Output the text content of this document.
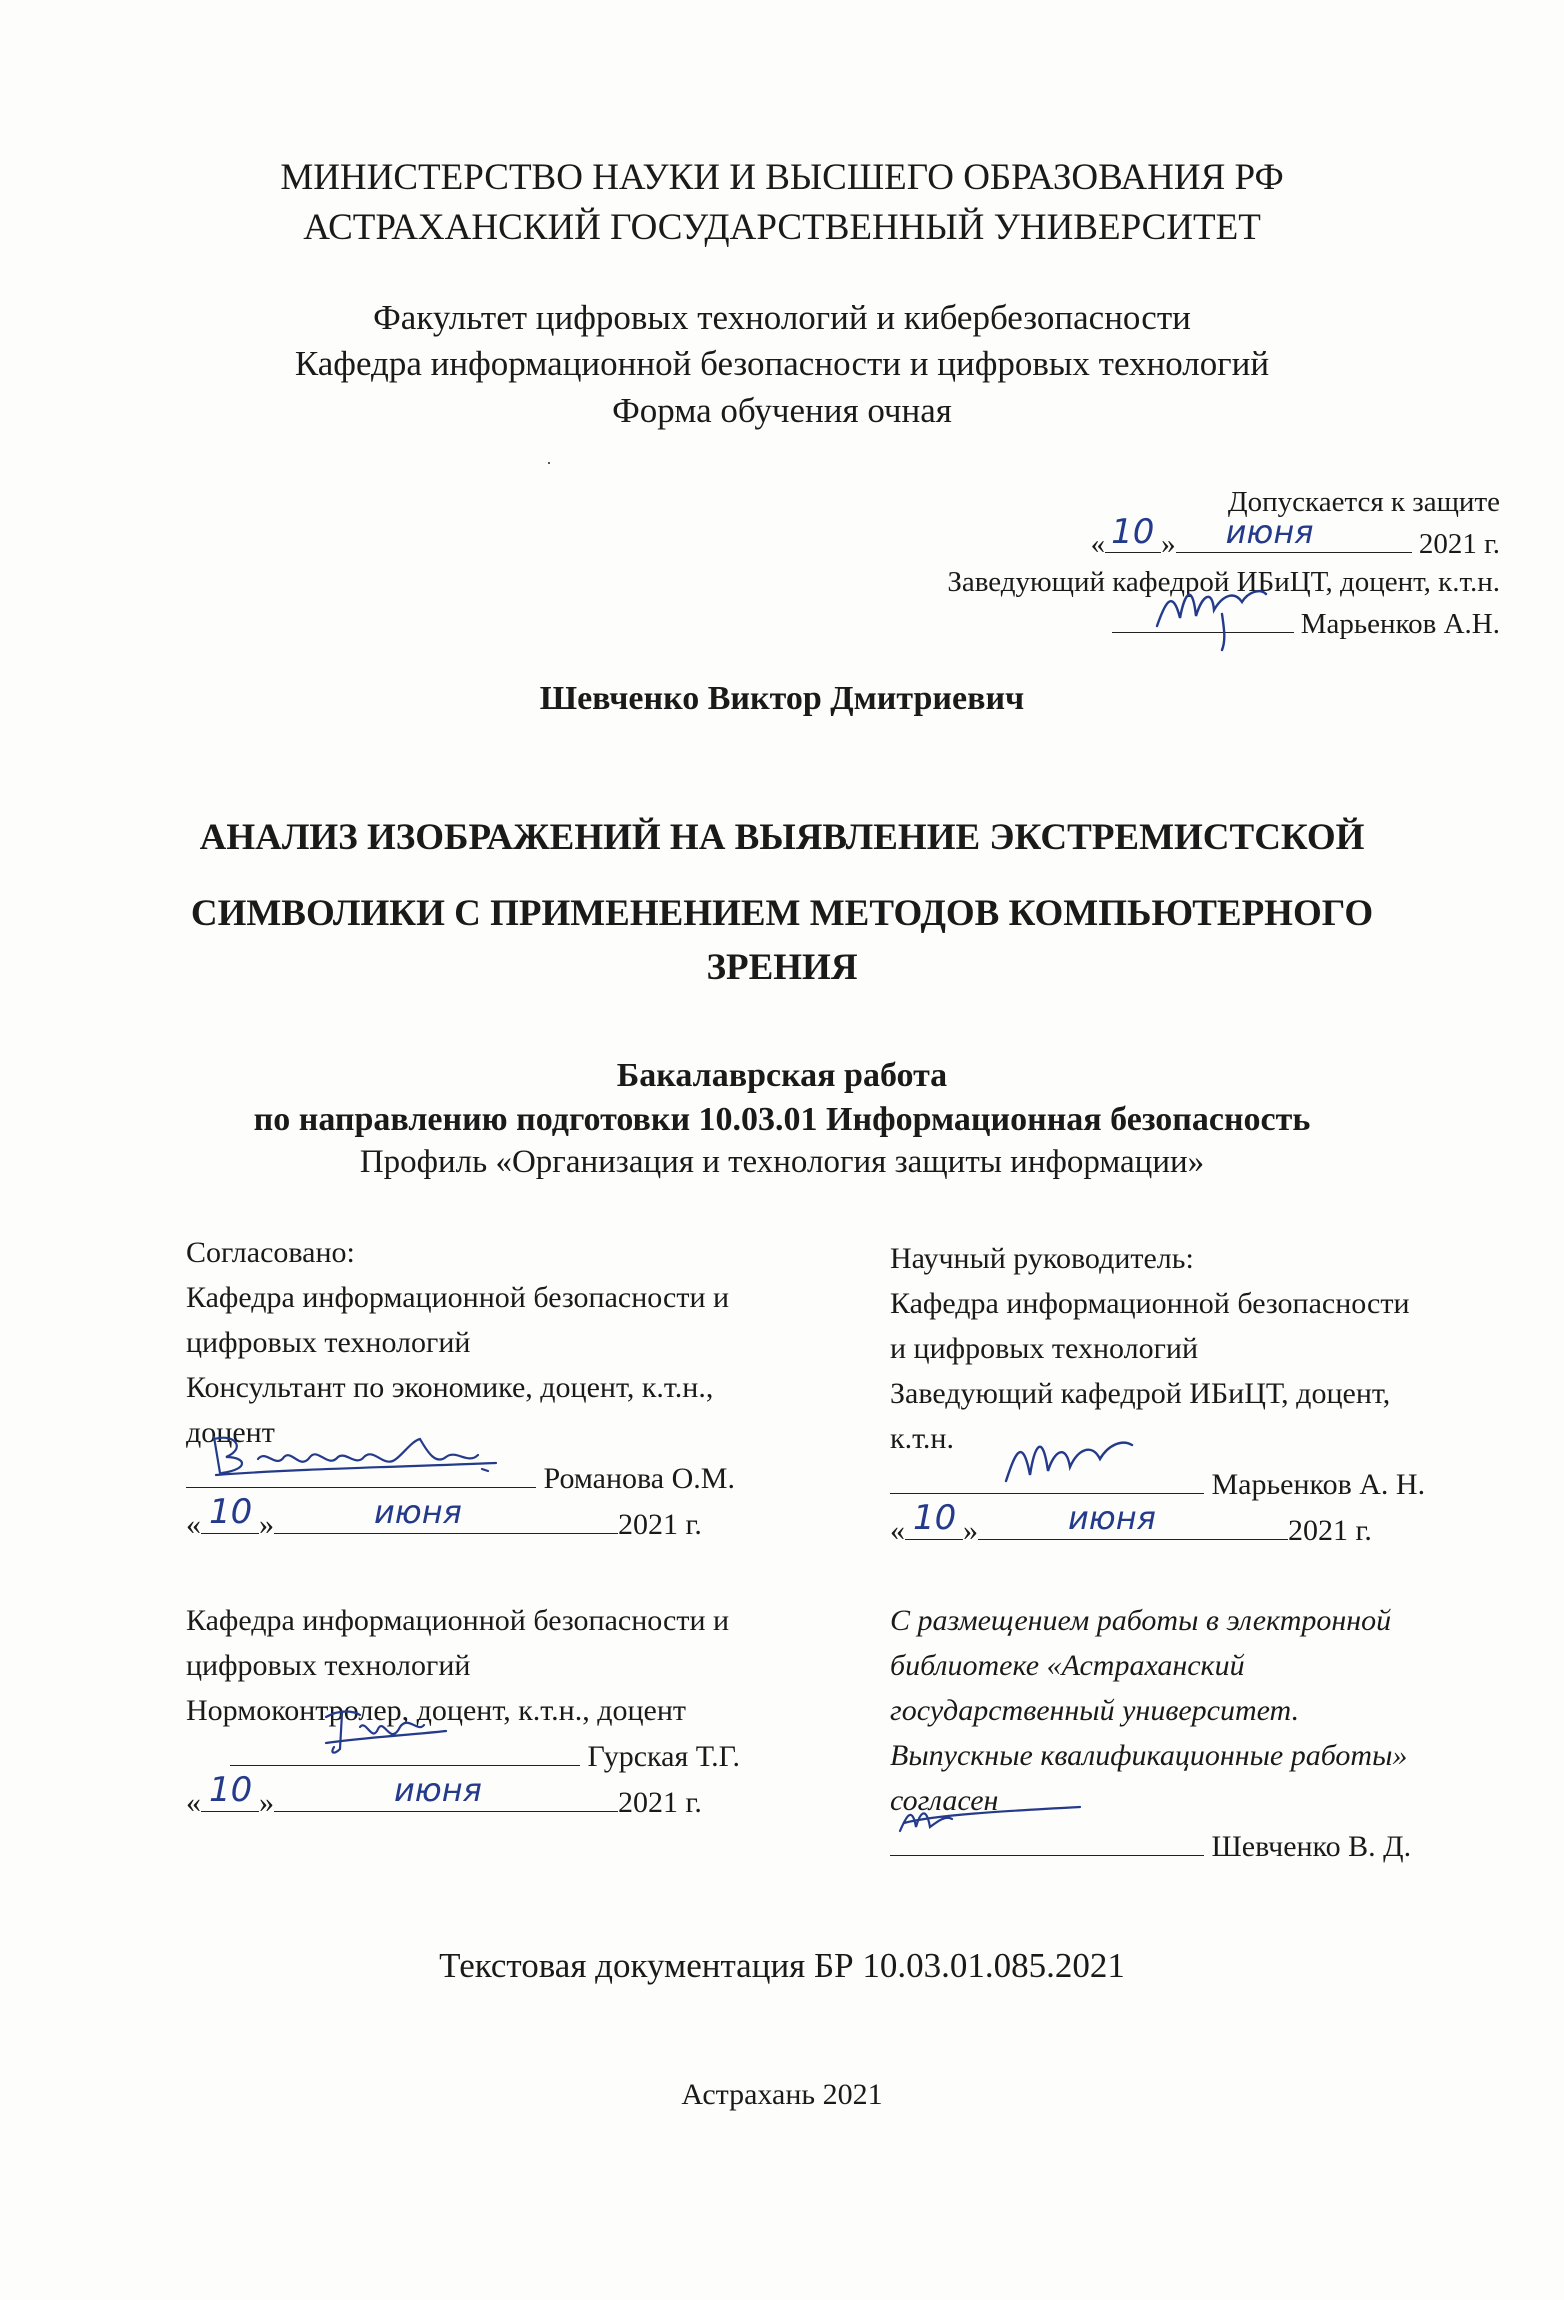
МИНИСТЕРСТВО НАУКИ И ВЫСШЕГО ОБРАЗОВАНИЯ РФ
АСТРАХАНСКИЙ ГОСУДАРСТВЕННЫЙ УНИВЕРСИТЕТ
Факультет цифровых технологий и кибербезопасности
Кафедра информационной безопасности и цифровых технологий
Форма обучения очная
Допускается к защите
« 10 » июня	2021 г.
Заведующий кафедрой ИБиЦТ, доцент, к.т.н.
Марьенков А.Н.
Шевченко Виктор Дмитриевич
АНАЛИЗ ИЗОБРАЖЕНИЙ НА ВЫЯВЛЕНИЕ ЭКСТРЕМИСТСКОЙ
СИМВОЛИКИ С ПРИМЕНЕНИЕМ МЕТОДОВ КОМПЬЮТЕРНОГО
ЗРЕНИЯ
Бакалаврская работа
по направлению подготовки 10.03.01 Информационная безопасность
Профиль «Организация и технология защиты информации»
Согласовано:
Кафедра информационной безопасности и
цифровых технологий
Консультант по экономике, доцент, к.т.н.,
доцент
Романова О.М.
« 10 »	июня	2021 г.
Кафедра информационной безопасности и
цифровых технологий
Нормоконтролер, доцент, к.т.н., доцент
Гурская Т.Г.
« 10 »	июня	2021 г.
Научный руководитель:
Кафедра информационной безопасности
и цифровых технологий
Заведующий кафедрой ИБиЦТ, доцент,
к.т.н.
Марьенков А. Н.
« 10 »	июня	2021 г.
С размещением работы в электронной
библиотеке «Астраханский
государственный университет.
Выпускные квалификационные работы»
согласен
Шевченко В. Д.
Текстовая документация БР 10.03.01.085.2021
Астрахань 2021
